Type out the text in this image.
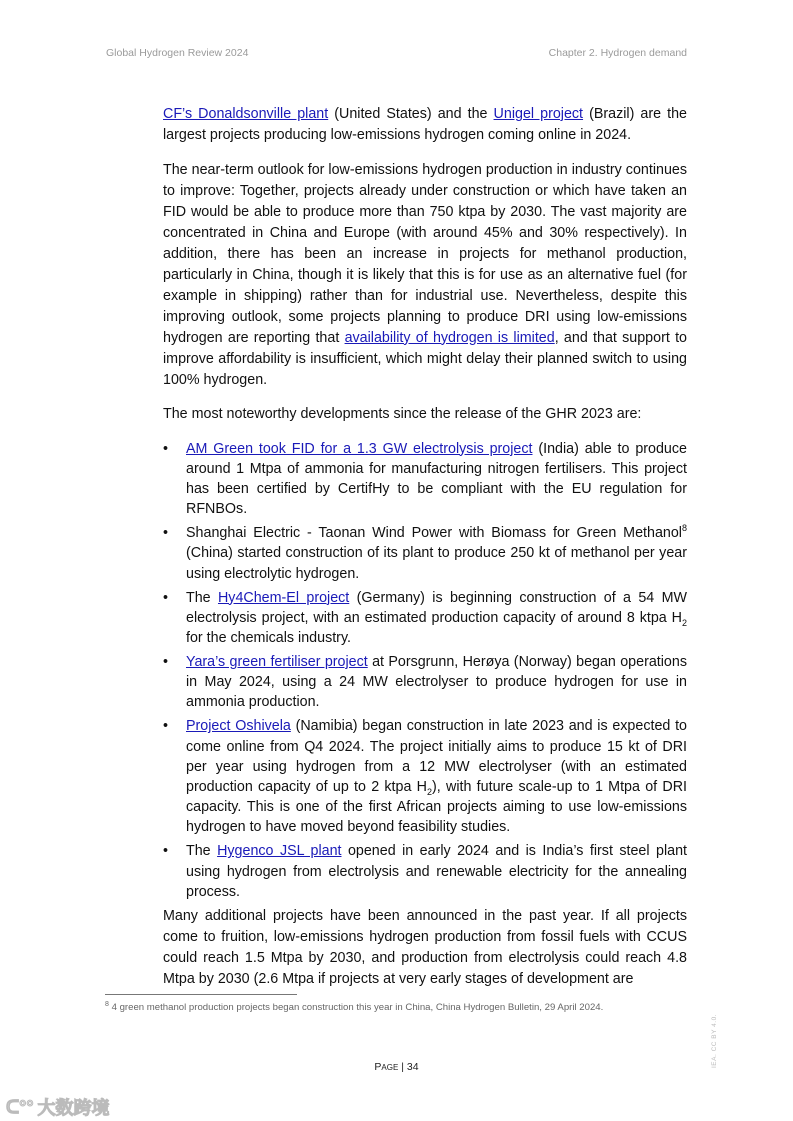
Global Hydrogen Review 2024	Chapter 2. Hydrogen demand

CF’s Donaldsonville plant (United States) and the Unigel project (Brazil) are the largest projects producing low-emissions hydrogen coming online in 2024.

The near-term outlook for low-emissions hydrogen production in industry continues to improve: Together, projects already under construction or which have taken an FID would be able to produce more than 750 ktpa by 2030. The vast majority are concentrated in China and Europe (with around 45% and 30% respectively). In addition, there has been an increase in projects for methanol production, particularly in China, though it is likely that this is for use as an alternative fuel (for example in shipping) rather than for industrial use. Nevertheless, despite this improving outlook, some projects planning to produce DRI using low-emissions hydrogen are reporting that availability of hydrogen is limited, and that support to improve affordability is insufficient, which might delay their planned switch to using 100% hydrogen.

The most noteworthy developments since the release of the GHR 2023 are:

• AM Green took FID for a 1.3 GW electrolysis project (India) able to produce around 1 Mtpa of ammonia for manufacturing nitrogen fertilisers. This project has been certified by CertifHy to be compliant with the EU regulation for RFNBOs.
• Shanghai Electric - Taonan Wind Power with Biomass for Green Methanol$^8$ (China) started construction of its plant to produce 250 kt of methanol per year using electrolytic hydrogen.
• The Hy4Chem-El project (Germany) is beginning construction of a 54 MW electrolysis project, with an estimated production capacity of around 8 ktpa $H_2$ for the chemicals industry.
• Yara’s green fertiliser project at Porsgrunn, Herøya (Norway) began operations in May 2024, using a 24 MW electrolyser to produce hydrogen for use in ammonia production.
• Project Oshivela (Namibia) began construction in late 2023 and is expected to come online from Q4 2024. The project initially aims to produce 15 kt of DRI per year using hydrogen from a 12 MW electrolyser (with an estimated production capacity of up to 2 ktpa $H_2$), with future scale-up to 1 Mtpa of DRI capacity. This is one of the first African projects aiming to use low-emissions hydrogen to have moved beyond feasibility studies.
• The Hygenco JSL plant opened in early 2024 and is India’s first steel plant using hydrogen from electrolysis and renewable electricity for the annealing process.

Many additional projects have been announced in the past year. If all projects come to fruition, low-emissions hydrogen production from fossil fuels with CCUS could reach 1.5 Mtpa by 2030, and production from electrolysis could reach 4.8 Mtpa by 2030 (2.6 Mtpa if projects at very early stages of development are

$^8$ 4 green methanol production projects began construction this year in China, China Hydrogen Bulletin, 29 April 2024.
PAGE | 34	IEA. CC BY 4.0.
ᑕ°° 大数跨境
